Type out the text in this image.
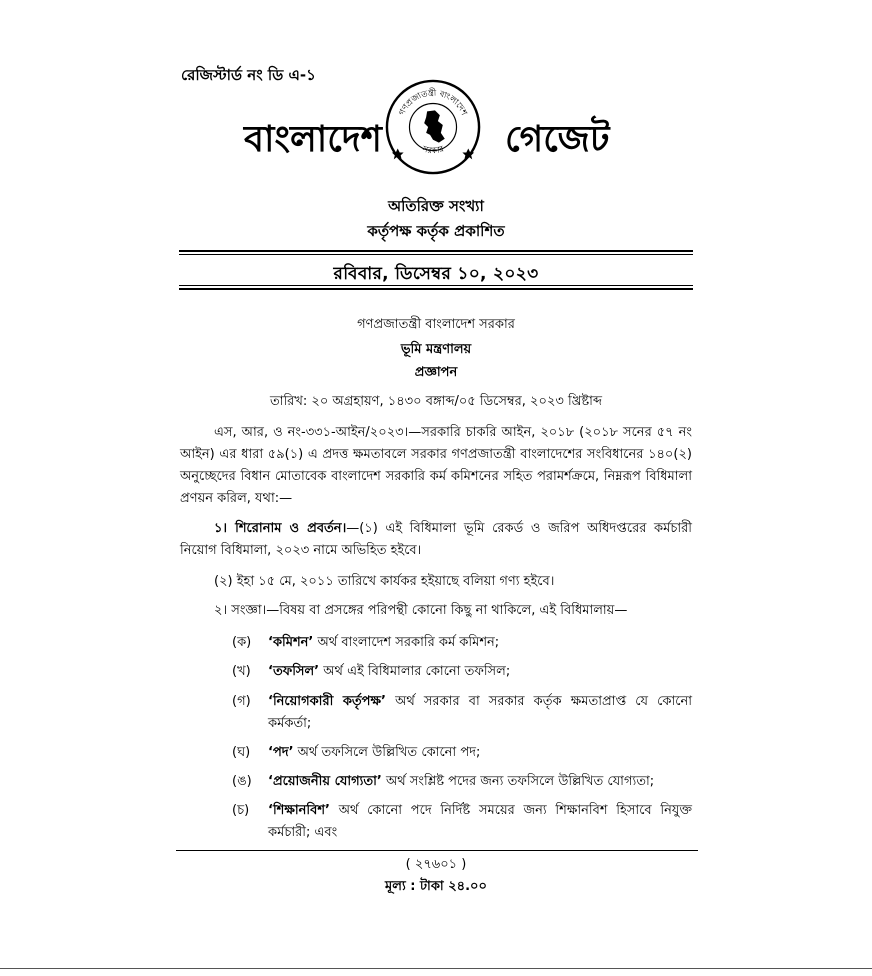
রেজিস্টার্ড নং ডি এ-১
বাংলাদেশ
গণপ্রজাতন্ত্রী বাংলাদেশ
সরকার গেজেট
অতিরিক্ত সংখ্যা
কর্তৃপক্ষ কর্তৃক প্রকাশিত
রবিবার, ডিসেম্বর ১০, ২০২৩
গণপ্রজাতন্ত্রী বাংলাদেশ সরকার
ভূমি মন্ত্রণালয়
প্রজ্ঞাপন
তারিখ: ২০ অগ্রহায়ণ, ১৪৩০ বঙ্গাব্দ/০৫ ডিসেম্বর, ২০২৩ খ্রিষ্টাব্দ
এস, আর, ও নং-৩৩১-আইন/২০২৩।—সরকারি চাকরি আইন, ২০১৮ (২০১৮ সনের ৫৭ নং আইন) এর ধারা ৫৯(১) এ প্রদত্ত ক্ষমতাবলে সরকার গণপ্রজাতন্ত্রী বাংলাদেশের সংবিধানের ১৪০(২) অনুচ্ছেদের বিধান মোতাবেক বাংলাদেশ সরকারি কর্ম কমিশনের সহিত পরামর্শক্রমে, নিম্নরূপ বিধিমালা প্রণয়ন করিল, যথা:—
১। শিরোনাম ও প্রবর্তন।—(১) এই বিধিমালা ভূমি রেকর্ড ও জরিপ অধিদপ্তরের কর্মচারী নিয়োগ বিধিমালা, ২০২৩ নামে অভিহিত হইবে।
(২) ইহা ১৫ মে, ২০১১ তারিখে কার্যকর হইয়াছে বলিয়া গণ্য হইবে।
২। সংজ্ঞা।—বিষয় বা প্রসঙ্গের পরিপন্থী কোনো কিছু না থাকিলে, এই বিধিমালায়—
(ক)	‘কমিশন’ অর্থ বাংলাদেশ সরকারি কর্ম কমিশন;
(খ)	‘তফসিল’ অর্থ এই বিধিমালার কোনো তফসিল;
(গ)	‘নিয়োগকারী কর্তৃপক্ষ’ অর্থ সরকার বা সরকার কর্তৃক ক্ষমতাপ্রাপ্ত যে কোনো কর্মকর্তা;
(ঘ)	‘পদ’ অর্থ তফসিলে উল্লিখিত কোনো পদ;
(ঙ)	‘প্রয়োজনীয় যোগ্যতা’ অর্থ সংশ্লিষ্ট পদের জন্য তফসিলে উল্লিখিত যোগ্যতা;
(চ)	‘শিক্ষানবিশ’ অর্থ কোনো পদে নির্দিষ্ট সময়ের জন্য শিক্ষানবিশ হিসাবে নিযুক্ত কর্মচারী; এবং
( ২৭৬০১ )
মূল্য : টাকা ২৪.০০
